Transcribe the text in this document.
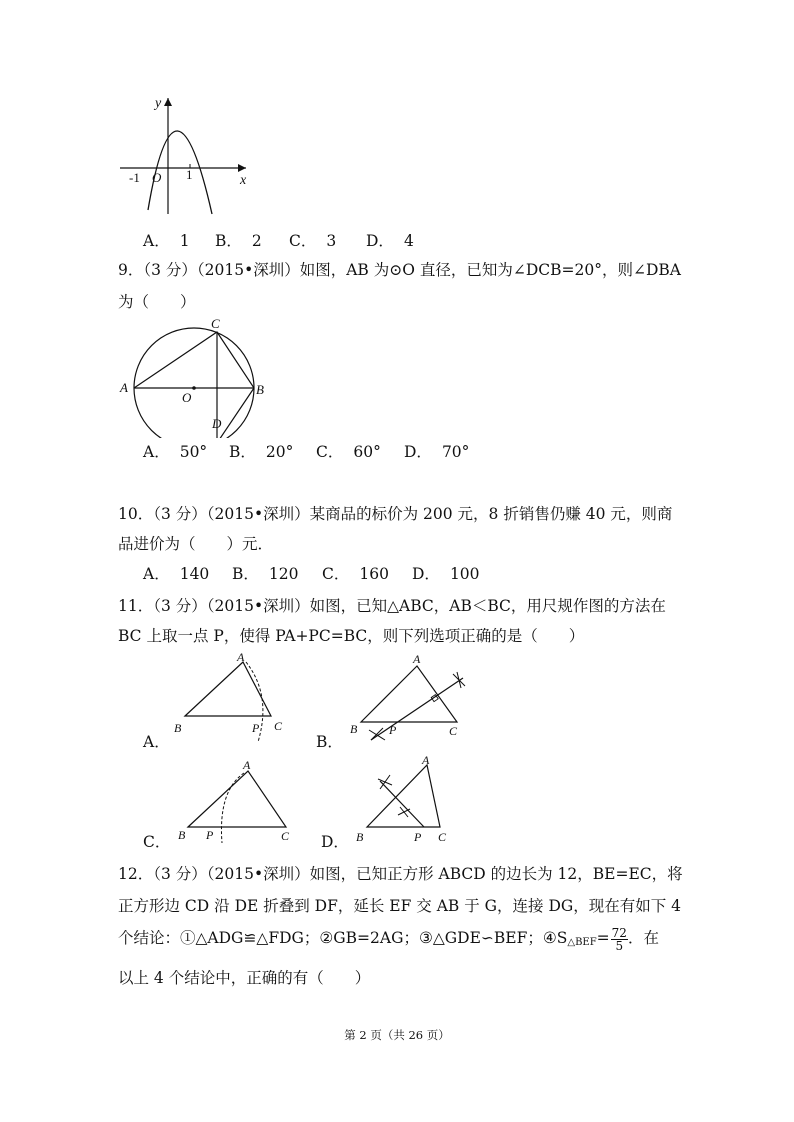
y
x
-1 O 1
A． 1 B． 2 C． 3 D． 4
9．（3 分）（2015•深圳）如图，AB 为⊙O 直径，已知为∠DCB=20°，则∠DBA
为（　　）
A	B
C
O
D
A． 50° B． 20° C． 60° D． 70°
10．（3 分）（2015•深圳）某商品的标价为 200 元，8 折销售仍赚 40 元，则商
品进价为（　　）元．
A． 140 B． 120 C． 160 D． 100
11．（3 分）（2015•深圳）如图，已知△ABC，AB＜BC，用尺规作图的方法在
BC 上取一点 P，使得 PA+PC=BC，则下列选项正确的是（　　）
A．
A
B	P C
B．
A
B	P	C
C．
A
B P	C D．
A
B	P C
12．（3 分）（2015•深圳）如图，已知正方形 ABCD 的边长为 12，BE=EC，将
正方形边 CD 沿 DE 折叠到 DF，延长 EF 交 AB 于 G，连接 DG，现在有如下 4
个结论：①△ADG≌△FDG；②GB=2AG；③△GDE∽BEF；$④S_{\triangle BEF}= \frac{72}{5}$ ．在
以上 4 个结论中，正确的有（　　）
第 2 页（共 26 页）
